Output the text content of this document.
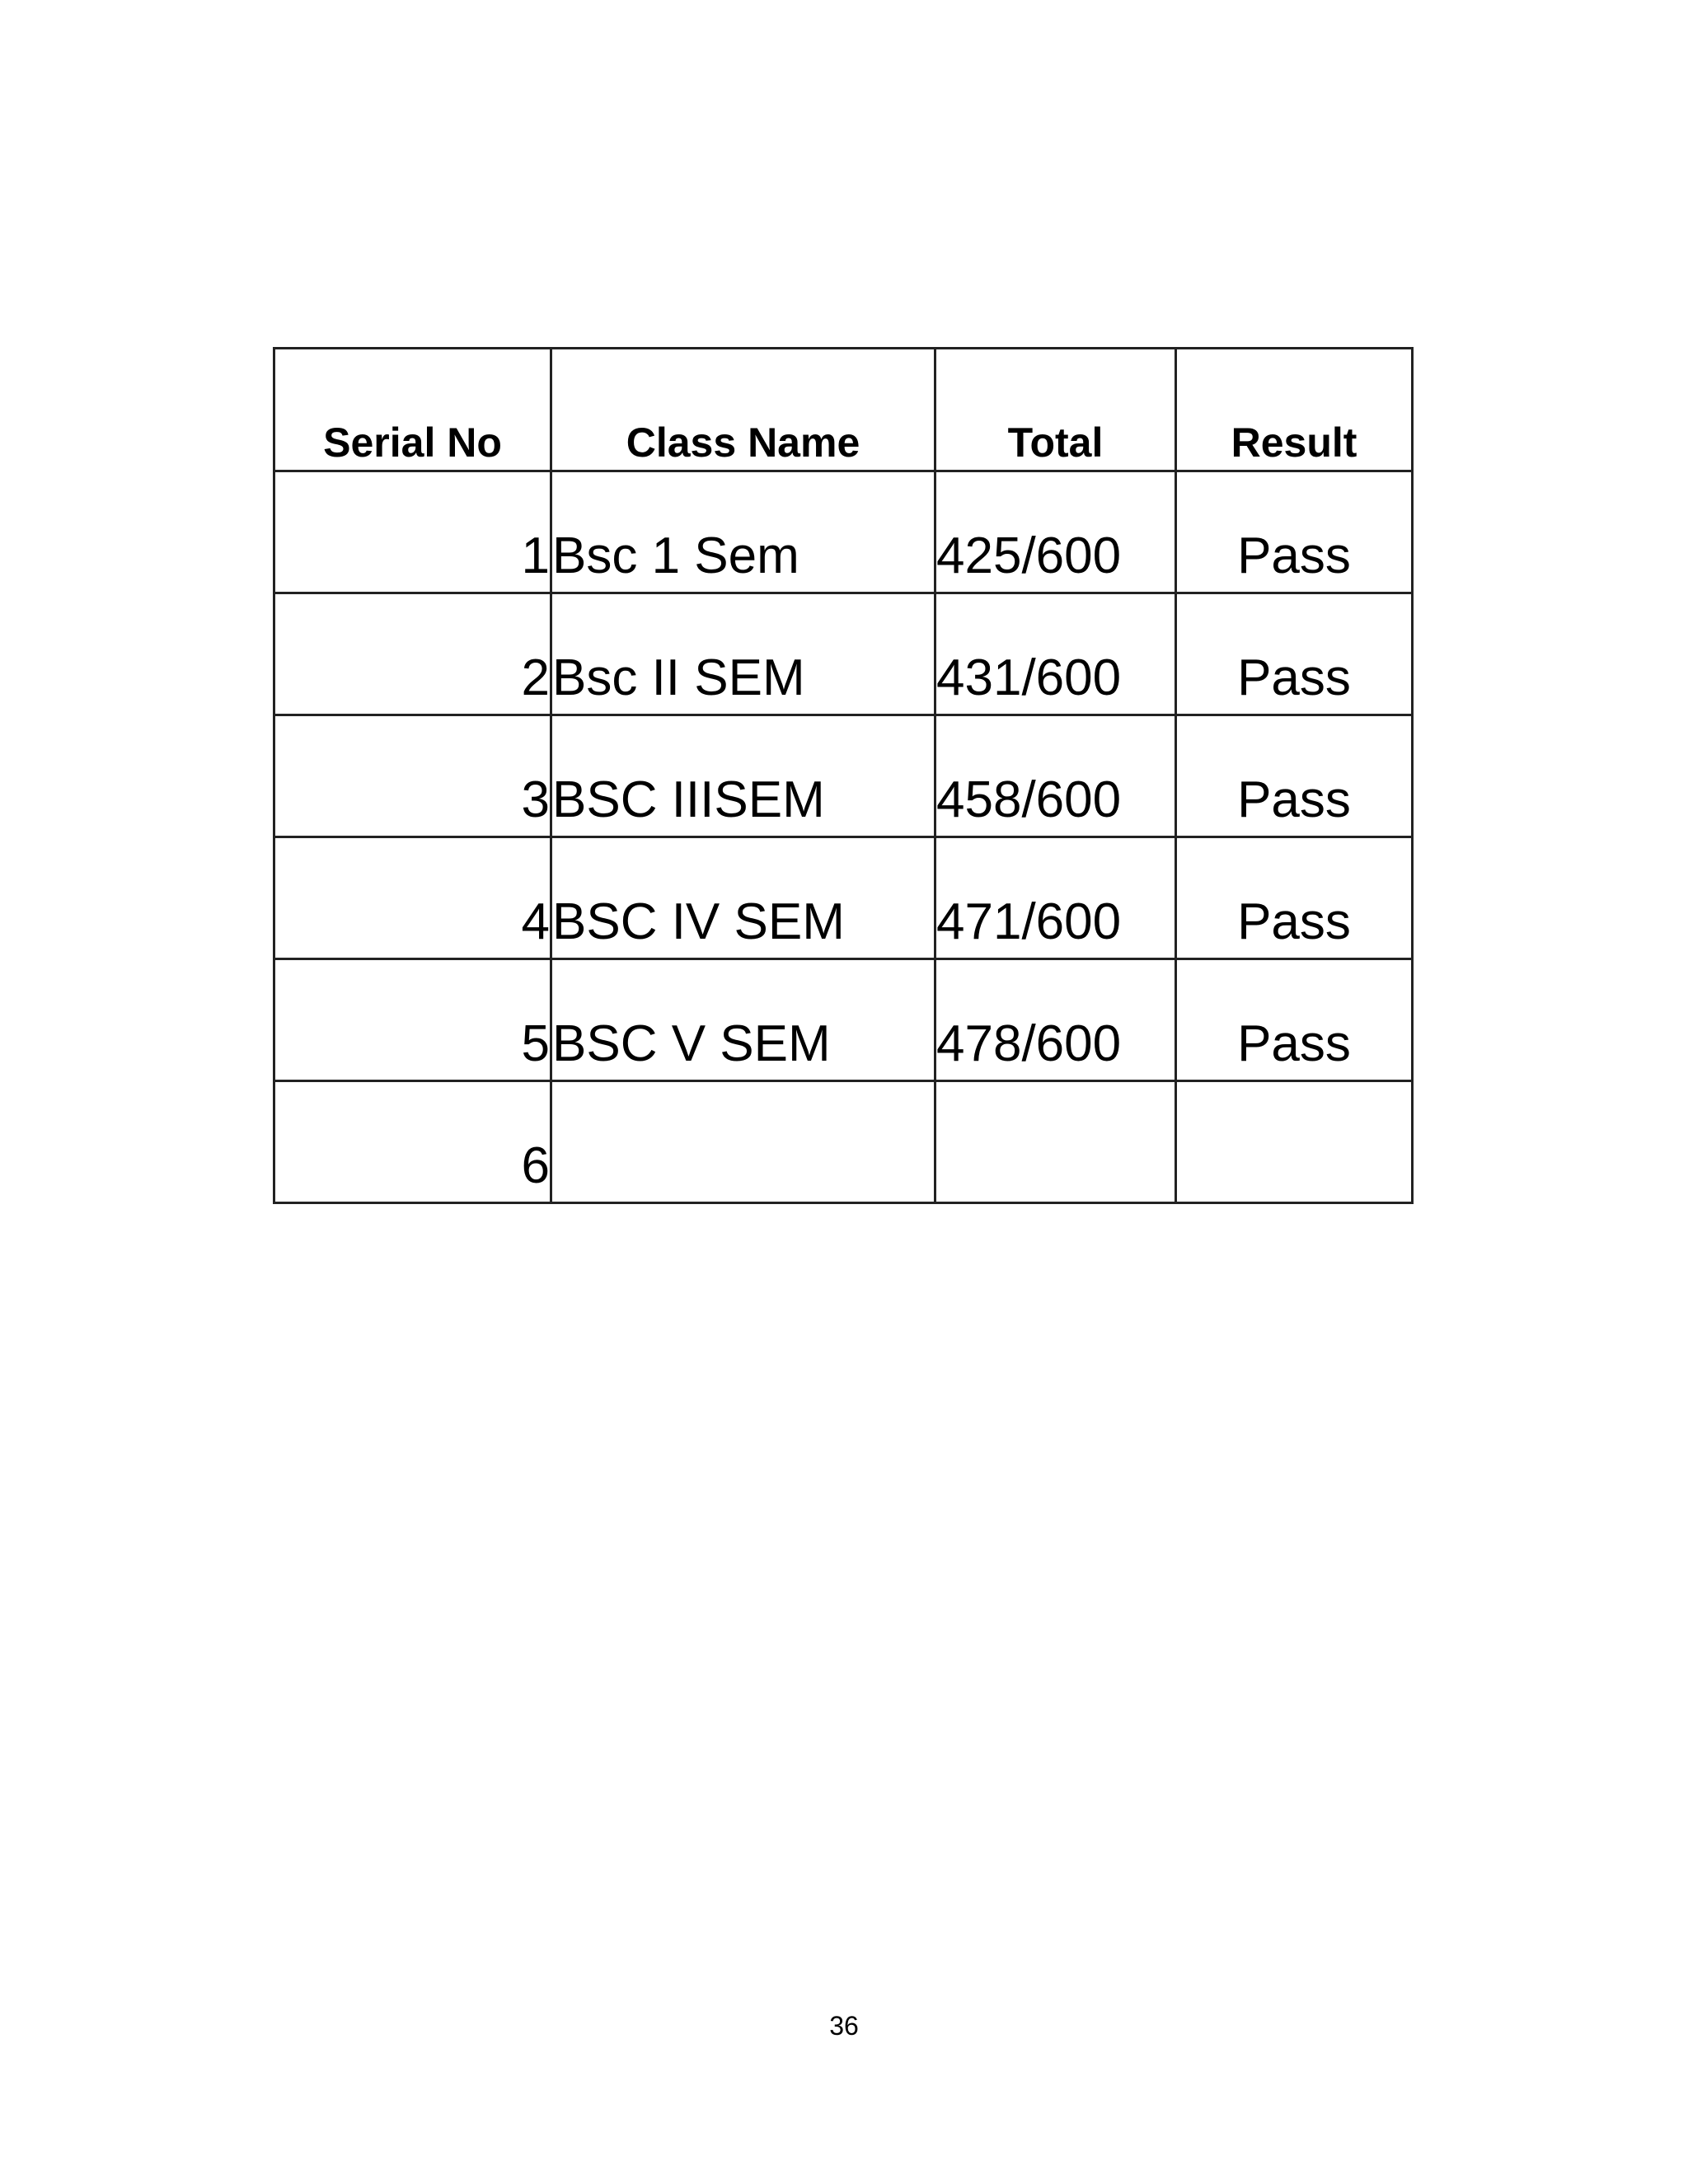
Serial No	Class Name	Total	Result
1	Bsc 1 Sem	425/600	Pass
2	Bsc II SEM	431/600	Pass
3	BSC IIISEM	458/600	Pass
4	BSC IV SEM	471/600	Pass
5	BSC V SEM	478/600	Pass
6			
36
